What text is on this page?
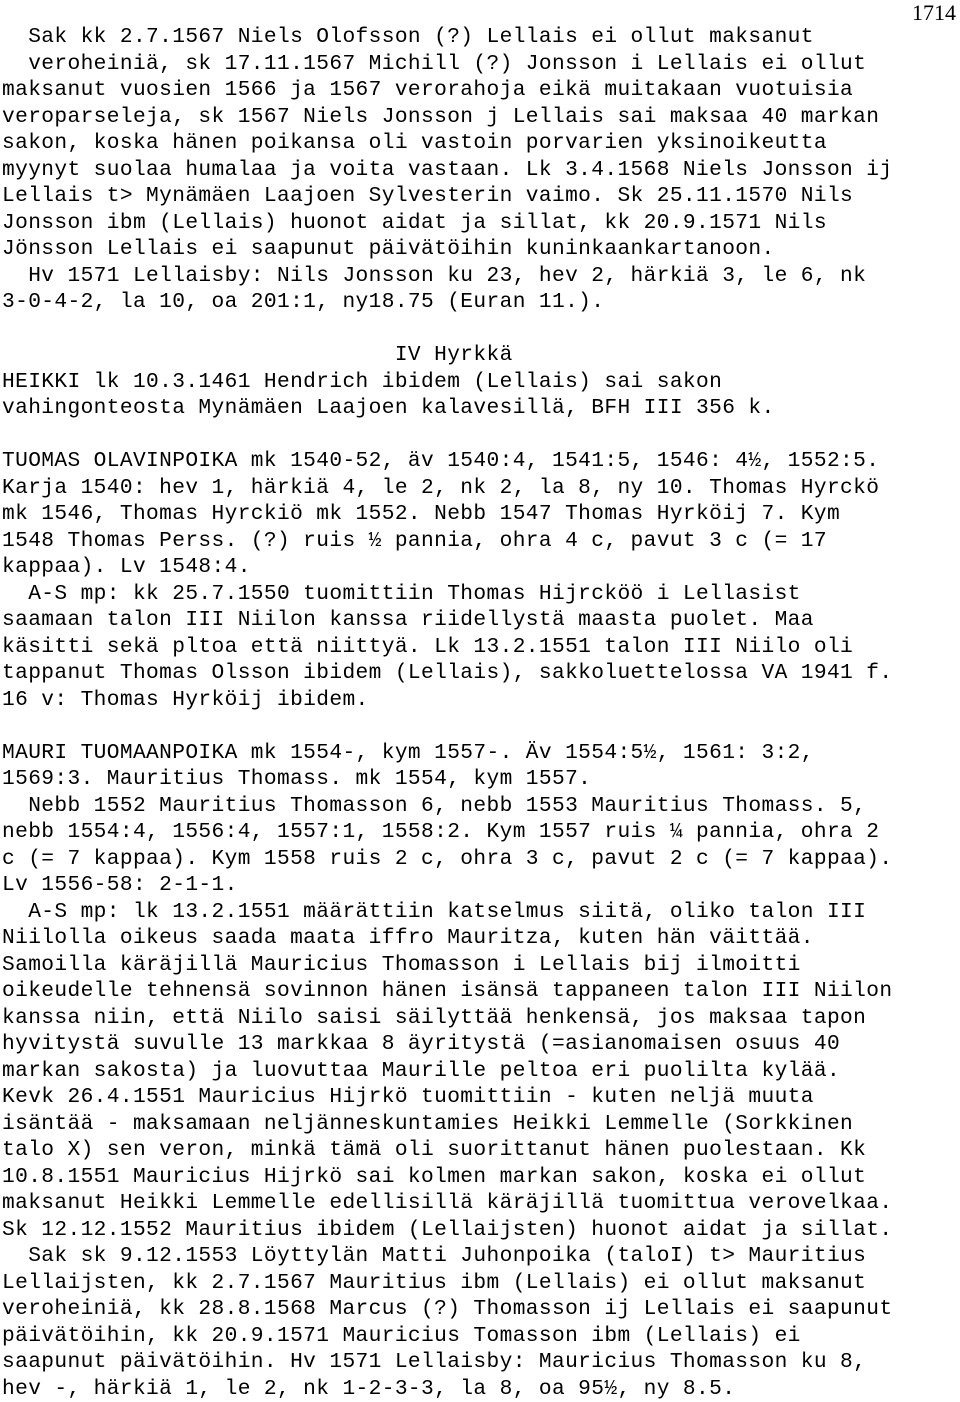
1714
Sak kk 2.7.1567 Niels Olofsson (?) Lellais ei ollut maksanut
veroheiniä, sk 17.11.1567 Michill (?) Jonsson i Lellais ei ollut
maksanut vuosien 1566 ja 1567 verorahoja eikä muitakaan vuotuisia
veroparseleja, sk 1567 Niels Jonsson j Lellais sai maksaa 40 markan
sakon, koska hänen poikansa oli vastoin porvarien yksinoikeutta
myynyt suolaa humalaa ja voita vastaan. Lk 3.4.1568 Niels Jonsson ij
Lellais t> Mynämäen Laajoen Sylvesterin vaimo. Sk 25.11.1570 Nils
Jonsson ibm (Lellais) huonot aidat ja sillat, kk 20.9.1571 Nils
Jönsson Lellais ei saapunut päivätöihin kuninkaankartanoon.
Hv 1571 Lellaisby: Nils Jonsson ku 23, hev 2, härkiä 3, le 6, nk
3-0-4-2, la 10, oa 201:1, ny18.75 (Euran 11.).
IV Hyrkkä
HEIKKI lk 10.3.1461 Hendrich ibidem (Lellais) sai sakon
vahingonteosta Mynämäen Laajoen kalavesillä, BFH III 356 k.
TUOMAS OLAVINPOIKA mk 1540-52, äv 1540:4, 1541:5, 1546: 4½, 1552:5.
Karja 1540: hev 1, härkiä 4, le 2, nk 2, la 8, ny 10. Thomas Hyrckö
mk 1546, Thomas Hyrckiö mk 1552. Nebb 1547 Thomas Hyrköij 7. Kym
1548 Thomas Perss. (?) ruis ½ pannia, ohra 4 c, pavut 3 c (= 17
kappaa). Lv 1548:4.
A-S mp: kk 25.7.1550 tuomittiin Thomas Hijrcköö i Lellasist
saamaan talon III Niilon kanssa riidellystä maasta puolet. Maa
käsitti sekä pltoa että niittyä. Lk 13.2.1551 talon III Niilo oli
tappanut Thomas Olsson ibidem (Lellais), sakkoluettelossa VA 1941 f.
16 v: Thomas Hyrköij ibidem.
MAURI TUOMAANPOIKA mk 1554-, kym 1557-. Äv 1554:5½, 1561: 3:2,
1569:3. Mauritius Thomass. mk 1554, kym 1557.
Nebb 1552 Mauritius Thomasson 6, nebb 1553 Mauritius Thomass. 5,
nebb 1554:4, 1556:4, 1557:1, 1558:2. Kym 1557 ruis ¼ pannia, ohra 2
c (= 7 kappaa). Kym 1558 ruis 2 c, ohra 3 c, pavut 2 c (= 7 kappaa).
Lv 1556-58: 2-1-1.
A-S mp: lk 13.2.1551 määrättiin katselmus siitä, oliko talon III
Niilolla oikeus saada maata iffro Mauritza, kuten hän väittää.
Samoilla käräjillä Mauricius Thomasson i Lellais bij ilmoitti
oikeudelle tehnensä sovinnon hänen isänsä tappaneen talon III Niilon
kanssa niin, että Niilo saisi säilyttää henkensä, jos maksaa tapon
hyvitystä suvulle 13 markkaa 8 äyritystä (=asianomaisen osuus 40
markan sakosta) ja luovuttaa Maurille peltoa eri puolilta kylää.
Kevk 26.4.1551 Mauricius Hijrkö tuomittiin - kuten neljä muuta
isäntää - maksamaan neljänneskuntamies Heikki Lemmelle (Sorkkinen
talo X) sen veron, minkä tämä oli suorittanut hänen puolestaan. Kk
10.8.1551 Mauricius Hijrkö sai kolmen markan sakon, koska ei ollut
maksanut Heikki Lemmelle edellisillä käräjillä tuomittua verovelkaa.
Sk 12.12.1552 Mauritius ibidem (Lellaijsten) huonot aidat ja sillat.
Sak sk 9.12.1553 Löyttylän Matti Juhonpoika (taloI) t> Mauritius
Lellaijsten, kk 2.7.1567 Mauritius ibm (Lellais) ei ollut maksanut
veroheiniä, kk 28.8.1568 Marcus (?) Thomasson ij Lellais ei saapunut
päivätöihin, kk 20.9.1571 Mauricius Tomasson ibm (Lellais) ei
saapunut päivätöihin. Hv 1571 Lellaisby: Mauricius Thomasson ku 8,
hev -, härkiä 1, le 2, nk 1-2-3-3, la 8, oa 95½, ny 8.5.
